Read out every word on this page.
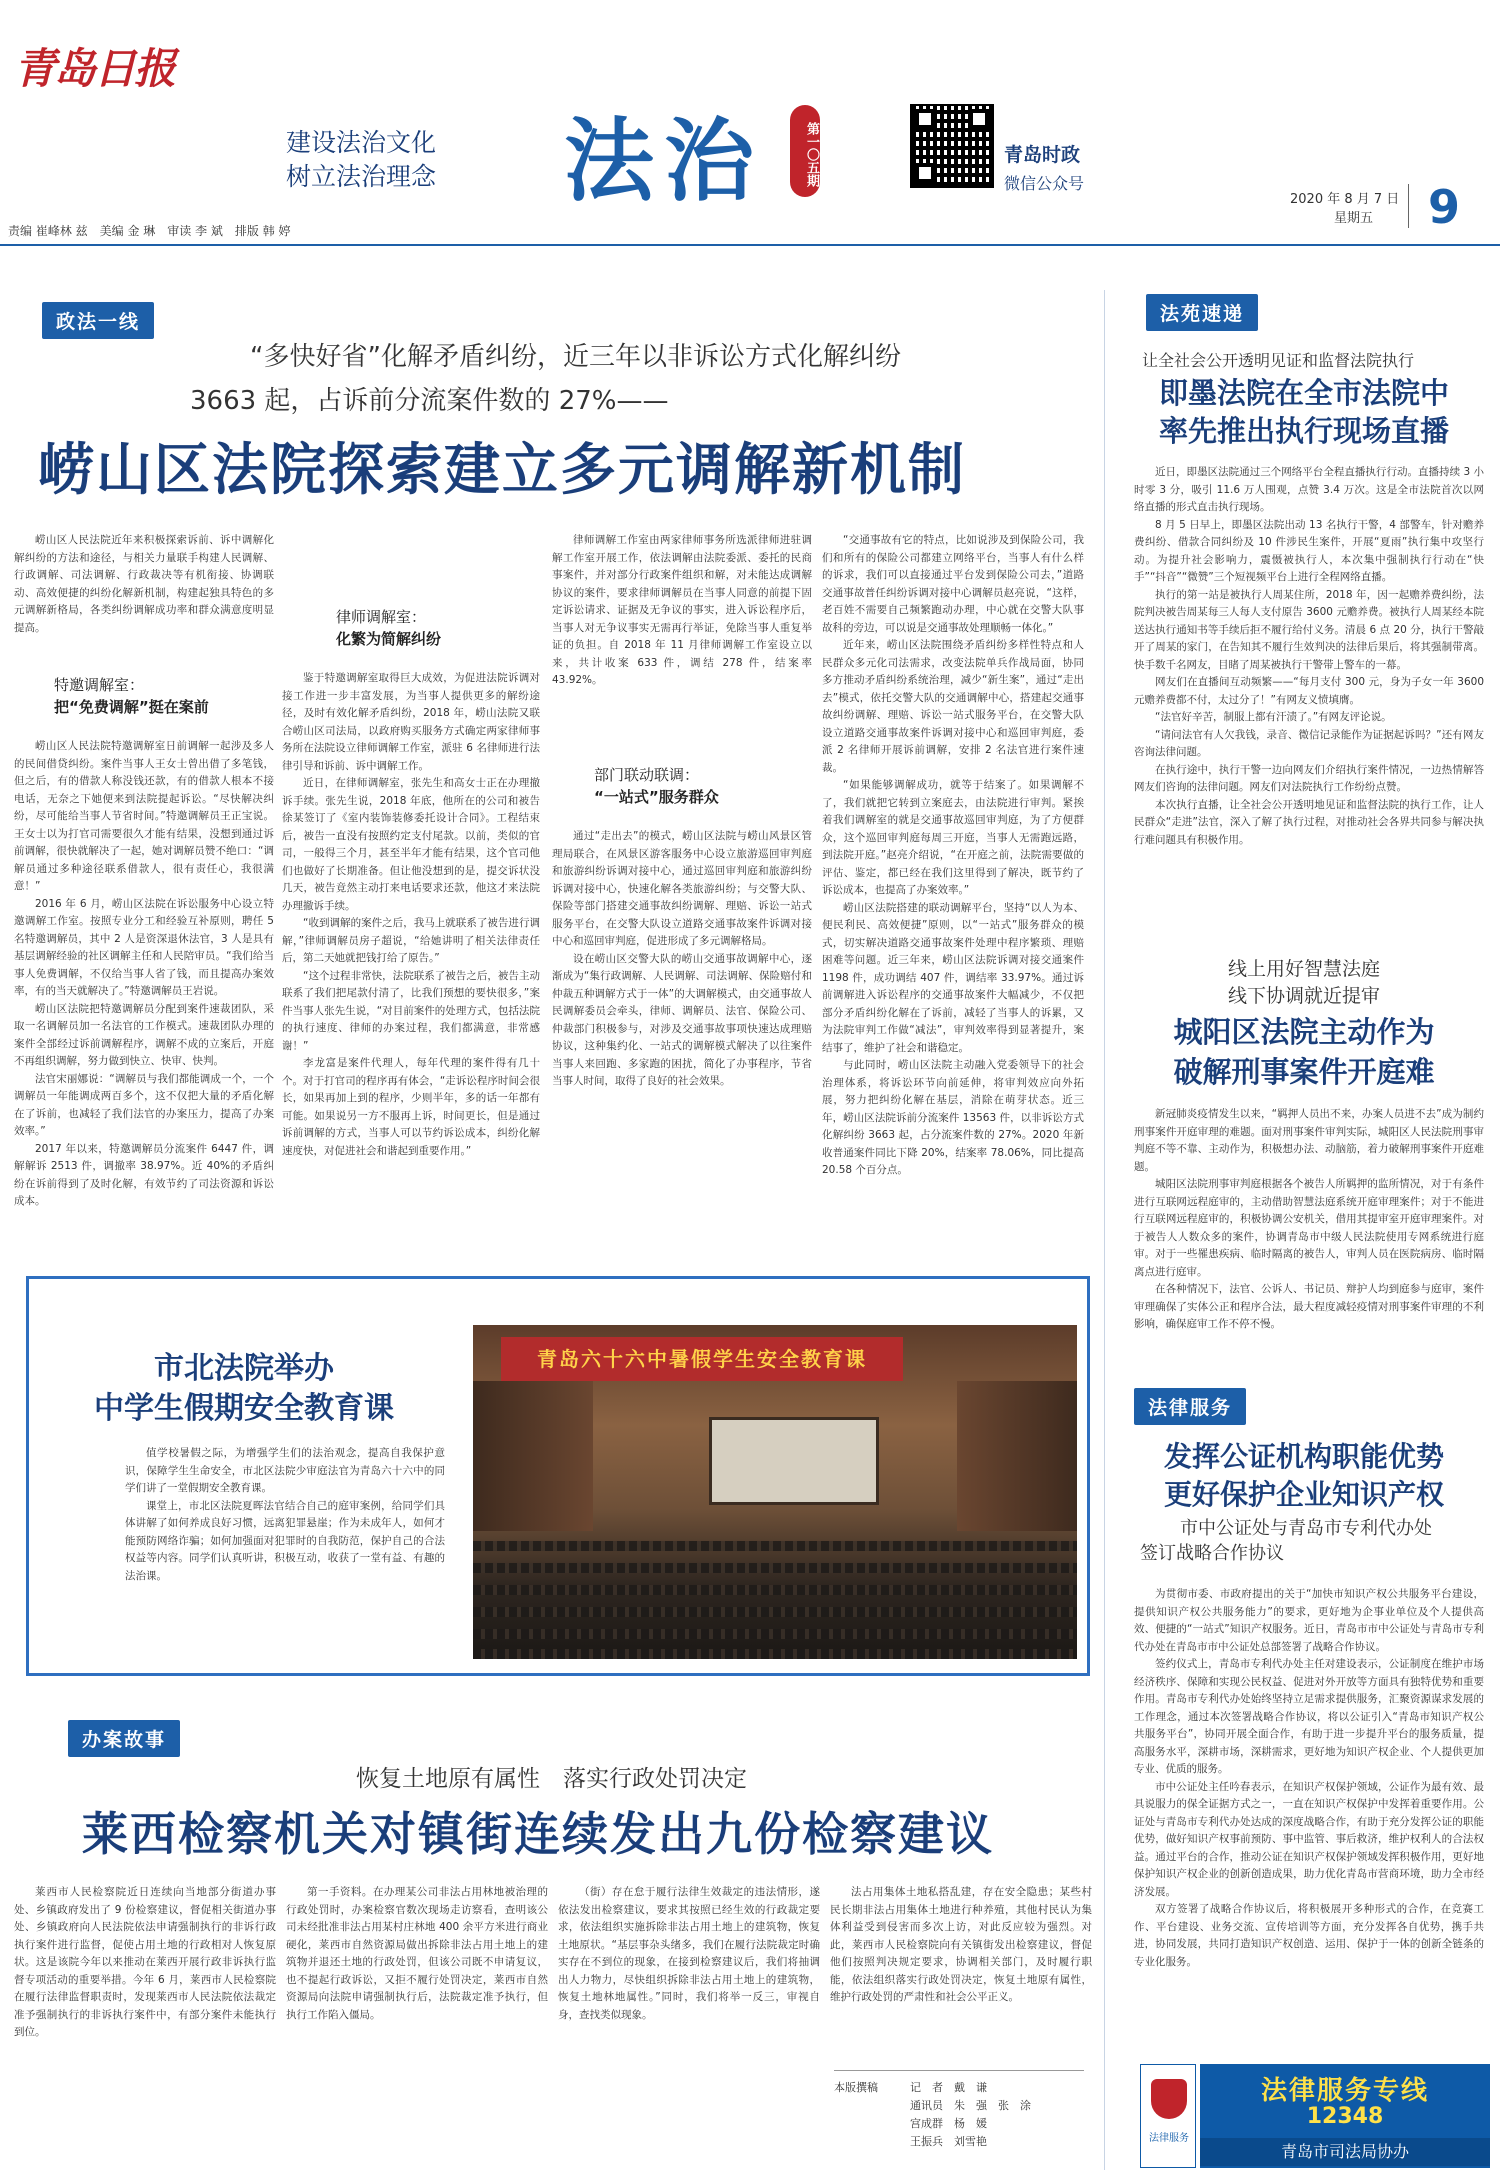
青岛日报
建设法治文化
树立法治理念 法治	第一〇五期	青岛时政
微信公众号
2020 年 8 月 7 日
星期五	9
责编 崔峰林 兹　美编 金 琳　审读 李 斌　排版 韩 婷
政法一线
“多快好省”化解矛盾纠纷，近三年以非诉讼方式化解纠纷
3663 起，占诉前分流案件数的 27%——
崂山区法院探索建立多元调解新机制

崂山区人民法院近年来积极探索诉前、诉中调解化解纠纷的方法和途径，与相关力量联手构建人民调解、行政调解、司法调解、行政裁决等有机衔接、协调联动、高效便捷的纠纷化解新机制，构建起独具特色的多元调解新格局，各类纠纷调解成功率和群众满意度明显提高。

特邀调解室：
把“免费调解”挺在案前

崂山区人民法院特邀调解室日前调解一起涉及多人的民间借贷纠纷。案件当事人王女士曾出借了多笔钱，但之后，有的借款人称没钱还款，有的借款人根本不接电话，无奈之下她便来到法院提起诉讼。“尽快解决纠纷，尽可能给当事人节省时间。”特邀调解员王正宝说。王女士以为打官司需要很久才能有结果，没想到通过诉前调解，很快就解决了一起，她对调解员赞不绝口：“调解员通过多种途径联系借款人，很有责任心，我很满意！”

2016 年 6 月，崂山区法院在诉讼服务中心设立特邀调解工作室。按照专业分工和经验互补原则，聘任 5 名特邀调解员，其中 2 人是资深退休法官，3 人是具有基层调解经验的社区调解主任和人民陪审员。“我们给当事人免费调解，不仅给当事人省了钱，而且提高办案效率，有的当天就解决了。”特邀调解员王岩说。

崂山区法院把特邀调解员分配到案件速裁团队，采取一名调解员加一名法官的工作模式。速裁团队办理的案件全部经过诉前调解程序，调解不成的立案后，开庭不再组织调解，努力做到快立、快审、快判。

法官宋丽娜说：“调解员与我们都能调成一个，一个调解员一年能调成两百多个，这不仅把大量的矛盾化解在了诉前，也减轻了我们法官的办案压力，提高了办案效率。”

2017 年以来，特邀调解员分流案件 6447 件，调解解诉 2513 件，调撤率 38.97%。近 40%的矛盾纠纷在诉前得到了及时化解，有效节约了司法资源和诉讼成本。

律师调解室：
化繁为简解纠纷

鉴于特邀调解室取得巨大成效，为促进法院诉调对接工作进一步丰富发展，为当事人提供更多的解纷途径，及时有效化解矛盾纠纷，2018 年，崂山法院又联合崂山区司法局，以政府购买服务方式确定两家律师事务所在法院设立律师调解工作室，派驻 6 名律师进行法律引导和诉前、诉中调解工作。

近日，在律师调解室，张先生和高女士正在办理撤诉手续。张先生说，2018 年底，他所在的公司和被告徐某签订了《室内装饰装修委托设计合同》。工程结束后，被告一直没有按照约定支付尾款。以前，类似的官司，一般得三个月，甚至半年才能有结果，这个官司他们也做好了长期准备。但让他没想到的是，提交诉状没几天，被告竟然主动打来电话要求还款，他这才来法院办理撤诉手续。

“收到调解的案件之后，我马上就联系了被告进行调解，”律师调解员房子超说，“给她讲明了相关法律责任后，第二天她就把钱打给了原告。”

“这个过程非常快，法院联系了被告之后，被告主动联系了我们把尾款付清了，比我们预想的要快很多，”案件当事人张先生说，“对目前案件的处理方式，包括法院的执行速度、律师的办案过程，我们都满意，非常感谢！”

李龙富是案件代理人，每年代理的案件得有几十个。对于打官司的程序再有体会，“走诉讼程序时间会很长，如果再加上到的程序，少则半年，多的话一年都有可能。如果说另一方不服再上诉，时间更长，但是通过诉前调解的方式，当事人可以节约诉讼成本，纠纷化解速度快，对促进社会和谐起到重要作用。”

律师调解工作室由两家律师事务所选派律师进驻调解工作室开展工作，依法调解由法院委派、委托的民商事案件，并对部分行政案件组织和解，对未能达成调解协议的案件，要求律师调解员在当事人同意的前提下固定诉讼请求、证据及无争议的事实，进入诉讼程序后，当事人对无争议事实无需再行举证，免除当事人重复举证的负担。自 2018 年 11 月律师调解工作室设立以来，共计收案 633 件，调结 278 件，结案率 43.92%。

部门联动联调：
“一站式”服务群众

通过“走出去”的模式，崂山区法院与崂山风景区管理局联合，在风景区游客服务中心设立旅游巡回审判庭和旅游纠纷诉调对接中心，通过巡回审判庭和旅游纠纷诉调对接中心，快速化解各类旅游纠纷；与交警大队、保险等部门搭建交通事故纠纷调解、理赔、诉讼一站式服务平台，在交警大队设立道路交通事故案件诉调对接中心和巡回审判庭，促进形成了多元调解格局。

设在崂山区交警大队的崂山交通事故调解中心，逐渐成为“集行政调解、人民调解、司法调解、保险赔付和仲裁五种调解方式于一体”的大调解模式，由交通事故人民调解委员会牵头，律师、调解员、法官、保险公司、仲裁部门积极参与，对涉及交通事故事项快速达成理赔协议，这种集约化、一站式的调解模式解决了以往案件当事人来回跑、多家跑的困扰，简化了办事程序，节省当事人时间，取得了良好的社会效果。

“交通事故有它的特点，比如说涉及到保险公司，我们和所有的保险公司都建立网络平台，当事人有什么样的诉求，我们可以直接通过平台发到保险公司去，”道路交通事故普任纠纷诉调对接中心调解员赵亮说，“这样，老百姓不需要自己频繁跑动办理，中心就在交警大队事故科的旁边，可以说是交通事故处理顺畅一体化。”

近年来，崂山区法院围绕矛盾纠纷多样性特点和人民群众多元化司法需求，改变法院单兵作战局面，协同多方推动矛盾纠纷系统治理，减少“新生案”，通过“走出去”模式，依托交警大队的交通调解中心，搭建起交通事故纠纷调解、理赔、诉讼一站式服务平台，在交警大队设立道路交通事故案件诉调对接中心和巡回审判庭，委派 2 名律师开展诉前调解，安排 2 名法官进行案件速裁。

“如果能够调解成功，就等于结案了。如果调解不了，我们就把它转到立案庭去，由法院进行审判。紧挨着我们调解室的就是交通事故巡回审判庭，为了方便群众，这个巡回审判庭每周三开庭，当事人无需跑远路，到法院开庭。”赵亮介绍说，“在开庭之前，法院需要做的评估、鉴定，都已经在我们这里得到了解决，既节约了诉讼成本，也提高了办案效率。”

崂山区法院搭建的联动调解平台，坚持“以人为本、便民利民、高效便捷”原则，以“一站式”服务群众的模式，切实解决道路交通事故案件处理中程序繁琐、理赔困难等问题。近三年来，崂山区法院诉调对接交通案件 1198 件，成功调结 407 件，调结率 33.97%。通过诉前调解进入诉讼程序的交通事故案件大幅减少，不仅把部分矛盾纠纷化解在了诉前，减轻了当事人的诉累，又为法院审判工作做“减法”，审判效率得到显著提升，案结事了，维护了社会和谐稳定。

与此同时，崂山区法院主动融入党委领导下的社会治理体系，将诉讼环节向前延伸，将审判效应向外拓展，努力把纠纷化解在基层，消除在萌芽状态。近三年，崂山区法院诉前分流案件 13563 件，以非诉讼方式化解纠纷 3663 起，占分流案件数的 27%。2020 年新收普通案件同比下降 20%，结案率 78.06%，同比提高 20.58 个百分点。

市北法院举办
中学生假期安全教育课

值学校暑假之际，为增强学生们的法治观念，提高自我保护意识，保障学生生命安全，市北区法院少审庭法官为青岛六十六中的同学们讲了一堂假期安全教育课。

课堂上，市北区法院夏晖法官结合自己的庭审案例，给同学们具体讲解了如何养成良好习惯，远离犯罪悬崖；作为未成年人，如何才能预防网络诈骗；如何加强面对犯罪时的自我防范，保护自己的合法权益等内容。同学们认真听讲，积极互动，收获了一堂有益、有趣的法治课。

青岛六十六中暑假学生安全教育课
办案故事
恢复土地原有属性　落实行政处罚决定
莱西检察机关对镇街连续发出九份检察建议

莱西市人民检察院近日连续向当地部分街道办事处、乡镇政府发出了 9 份检察建议，督促相关街道办事处、乡镇政府向人民法院依法申请强制执行的非诉行政执行案件进行监督，促使占用土地的行政相对人恢复原状。这是该院今年以来推动在莱西开展行政非诉执行监督专项活动的重要举措。今年 6 月，莱西市人民检察院在履行法律监督职责时，发现莱西市人民法院依法裁定准予强制执行的非诉执行案件中，有部分案件未能执行到位。

第一手资料。在办理某公司非法占用林地被治理的行政处罚时，办案检察官数次现场走访察看，查明该公司未经批准非法占用某村庄林地 400 余平方米进行商业硬化，莱西市自然资源局做出拆除非法占用土地上的建筑物并退还土地的行政处罚，但该公司既不申请复议，也不提起行政诉讼，又拒不履行处罚决定，莱西市自然资源局向法院申请强制执行后，法院裁定准予执行，但执行工作陷入僵局。

（街）存在怠于履行法律生效裁定的违法情形，遂依法发出检察建议，要求其按照已经生效的行政裁定要求，依法组织实施拆除非法占用土地上的建筑物，恢复土地原状。“基层事杂头绪多，我们在履行法院裁定时确实存在不到位的现象，在接到检察建议后，我们将抽调出人力物力，尽快组织拆除非法占用土地上的建筑物，恢复土地林地属性。”同时，我们将举一反三，审视自身，查找类似现象。

法占用集体土地私搭乱建，存在安全隐患；某些村民长期非法占用集体土地进行种养殖，其他村民认为集体利益受到侵害而多次上访，对此反应较为强烈。对此，莱西市人民检察院向有关镇街发出检察建议，督促他们按照判决规定要求，协调相关部门，及时履行职能，依法组织落实行政处罚决定，恢复土地原有属性，维护行政处罚的严肃性和社会公平正义。

本版撰稿	记　者　戴　谦
通讯员　朱　强　张　涂
宫成群　杨　媛
王振兵　刘雪艳
法苑速递
让全社会公开透明见证和监督法院执行
即墨法院在全市法院中
率先推出执行现场直播

近日，即墨区法院通过三个网络平台全程直播执行行动。直播持续 3 小时零 3 分，吸引 11.6 万人围观，点赞 3.4 万次。这是全市法院首次以网络直播的形式直击执行现场。

8 月 5 日早上，即墨区法院出动 13 名执行干警，4 部警车，针对赡养费纠纷、借款合同纠纷及 10 件涉民生案件，开展“夏雨”执行集中攻坚行动。为提升社会影响力，震慑被执行人，本次集中强制执行行动在“快手”“抖音”“微赞”三个短视频平台上进行全程网络直播。

执行的第一站是被执行人周某住所，2018 年，因一起赡养费纠纷，法院判决被告周某每三人每人支付原告 3600 元赡养费。被执行人周某经本院送达执行通知书等手续后拒不履行给付义务。清晨 6 点 20 分，执行干警敲开了周某的家门，在告知其不履行生效判决的法律后果后，将其强制带离。快手数千名网友，目睹了周某被执行干警带上警车的一幕。

网友们在直播间互动频繁——“每月支付 300 元，身为子女一年 3600 元赡养费都不付，太过分了！”有网友义愤填膺。

“法官好辛苦，制服上都有汗渍了。”有网友评论说。

“请问法官有人欠我钱，录音、微信记录能作为证据起诉吗？”还有网友咨询法律问题。

在执行途中，执行干警一边向网友们介绍执行案件情况，一边热情解答网友们咨询的法律问题。网友们对法院执行工作纷纷点赞。

本次执行直播，让全社会公开透明地见证和监督法院的执行工作，让人民群众“走进”法官，深入了解了执行过程，对推动社会各界共同参与解决执行难问题具有积极作用。

线上用好智慧法庭
线下协调就近提审
城阳区法院主动作为
破解刑事案件开庭难

新冠肺炎疫情发生以来，“羁押人员出不来，办案人员进不去”成为制约刑事案件开庭审理的难题。面对刑事案件审判实际，城阳区人民法院刑事审判庭不等不靠、主动作为，积极想办法、动脑筋，着力破解刑事案件开庭难题。

城阳区法院刑事审判庭根据各个被告人所羁押的监所情况，对于有条件进行互联网远程庭审的，主动借助智慧法庭系统开庭审理案件；对于不能进行互联网远程庭审的，积极协调公安机关，借用其提审室开庭审理案件。对于被告人人数众多的案件，协调青岛市中级人民法院使用专网系统进行庭审。对于一些罹患疾病、临时隔离的被告人，审判人员在医院病房、临时隔离点进行庭审。

在各种情况下，法官、公诉人、书记员、辩护人均到庭参与庭审，案件审理确保了实体公正和程序合法，最大程度减轻疫情对刑事案件审理的不利影响，确保庭审工作不停不慢。

法律服务
发挥公证机构职能优势
更好保护企业知识产权
市中公证处与青岛市专利代办处
签订战略合作协议

为贯彻市委、市政府提出的关于“加快市知识产权公共服务平台建设，提供知识产权公共服务能力”的要求，更好地为企事业单位及个人提供高效、便捷的“一站式”知识产权服务。近日，青岛市市中公证处与青岛市专利代办处在青岛市市中公证处总部签署了战略合作协议。

签约仪式上，青岛市专利代办处主任对建设表示，公证制度在维护市场经济秩序、保障和实现公民权益、促进对外开放等方面具有独特优势和重要作用。青岛市专利代办处始终坚持立足需求提供服务，汇聚资源谋求发展的工作理念，通过本次签署战略合作协议，将以公证引入“青岛市知识产权公共服务平台”，协同开展全面合作，有助于进一步提升平台的服务质量，提高服务水平，深耕市场，深耕需求，更好地为知识产权企业、个人提供更加专业、优质的服务。

市中公证处主任吟春表示，在知识产权保护领域，公证作为最有效、最具说服力的保全证据方式之一，一直在知识产权保护中发挥着重要作用。公证处与青岛市专利代办处达成的深度战略合作，有助于充分发挥公证的职能优势，做好知识产权事前预防、事中监管、事后救济，维护权利人的合法权益。通过平台的合作，推动公证在知识产权保护领域发挥积极作用，更好地保护知识产权企业的创新创造成果，助力优化青岛市营商环境，助力全市经济发展。

双方签署了战略合作协议后，将积极展开多种形式的合作，在竞赛工作、平台建设、业务交流、宣传培训等方面，充分发挥各自优势，携手共进，协同发展，共同打造知识产权创造、运用、保护于一体的创新全链条的专业化服务。

法律服务专线
12348
青岛市司法局协办
法律服务
